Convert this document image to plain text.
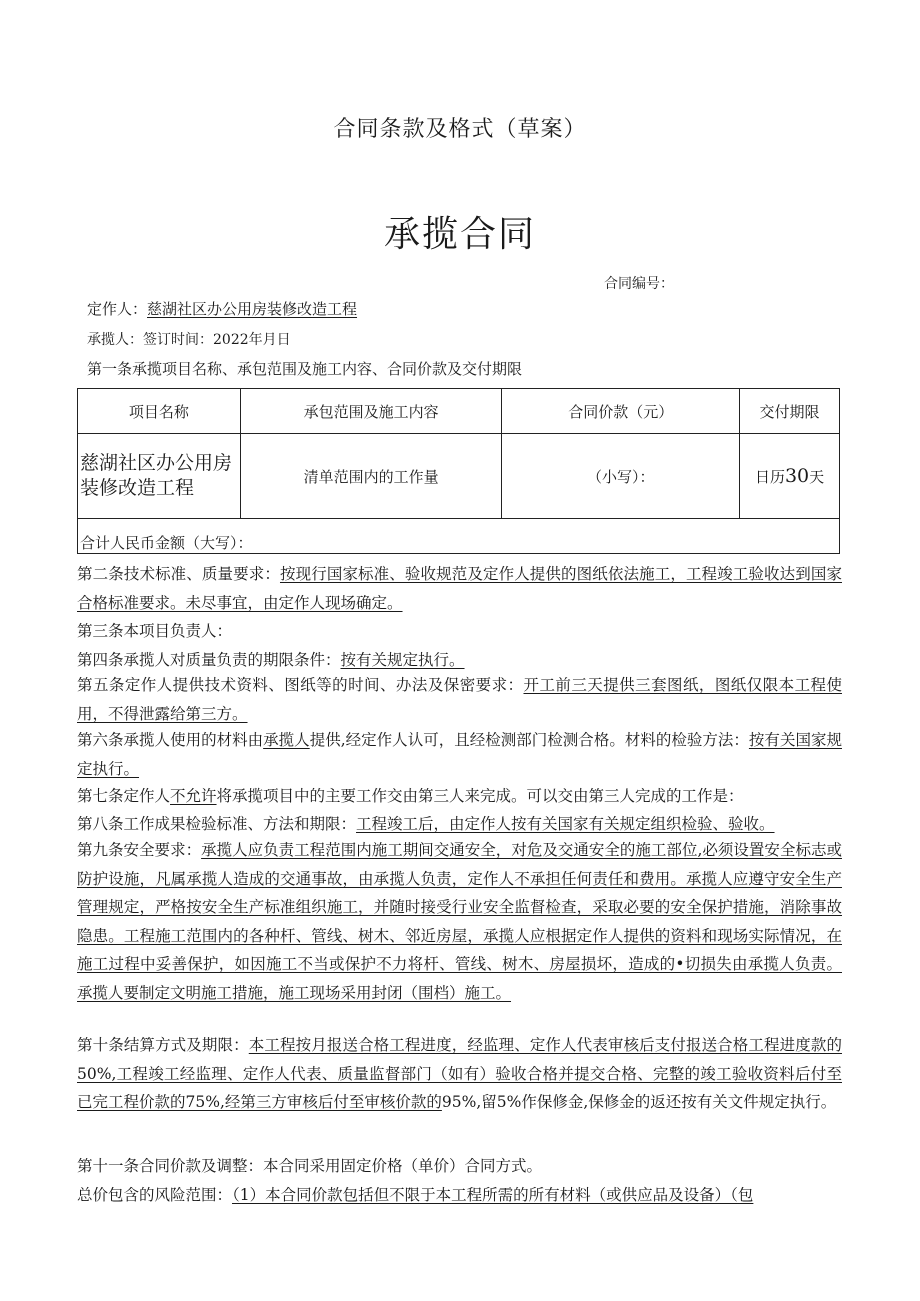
合同条款及格式（草案）
承揽合同
合同编号：
定作人：慈湖社区办公用房装修改造工程
承揽人：签订时间：2022年月日
第一条承揽项目名称、承包范围及施工内容、合同价款及交付期限
项目名称	承包范围及施工内容	合同价款（元）	交付期限
慈湖社区办公用房装修改造工程	清单范围内的工作量	（小写）：	日历30天
合计人民币金额（大写）：			
第二条技术标准、质量要求：按现行国家标准、验收规范及定作人提供的图纸依法施工，工程竣工验收达到国家合格标准要求。未尽事宜，由定作人现场确定。
第三条本项目负责人：
第四条承揽人对质量负责的期限条件：按有关规定执行。
第五条定作人提供技术资料、图纸等的时间、办法及保密要求：开工前三天提供三套图纸，图纸仅限本工程使用，不得泄露给第三方。
第六条承揽人使用的材料由承揽人提供,经定作人认可，且经检测部门检测合格。材料的检验方法：按有关国家规定执行。
第七条定作人不允许将承揽项目中的主要工作交由第三人来完成。可以交由第三人完成的工作是：
第八条工作成果检验标准、方法和期限：工程竣工后，由定作人按有关国家有关规定组织检验、验收。
第九条安全要求：承揽人应负责工程范围内施工期间交通安全，对危及交通安全的施工部位,必须设置安全标志或防护设施，凡属承揽人造成的交通事故，由承揽人负责，定作人不承担任何责任和费用。承揽人应遵守安全生产管理规定，严格按安全生产标准组织施工，并随时接受行业安全监督检查，采取必要的安全保护措施，消除事故隐患。工程施工范围内的各种杆、管线、树木、邻近房屋，承揽人应根据定作人提供的资料和现场实际情况，在施工过程中妥善保护，如因施工不当或保护不力将杆、管线、树木、房屋损坏，造成的•切损失由承揽人负责。承揽人要制定文明施工措施，施工现场采用封闭（围档）施工。
第十条结算方式及期限：本工程按月报送合格工程进度，经监理、定作人代表审核后支付报送合格工程进度款的50%,工程竣工经监理、定作人代表、质量监督部门（如有）验收合格并提交合格、完整的竣工验收资料后付至已完工程价款的75%,经第三方审核后付至审核价款的95%,留5%作保修金,保修金的返还按有关文件规定执行。
第十一条合同价款及调整：本合同采用固定价格（单价）合同方式。
总价包含的风险范围：（1）本合同价款包括但不限于本工程所需的所有材料（或供应品及设备）（包
